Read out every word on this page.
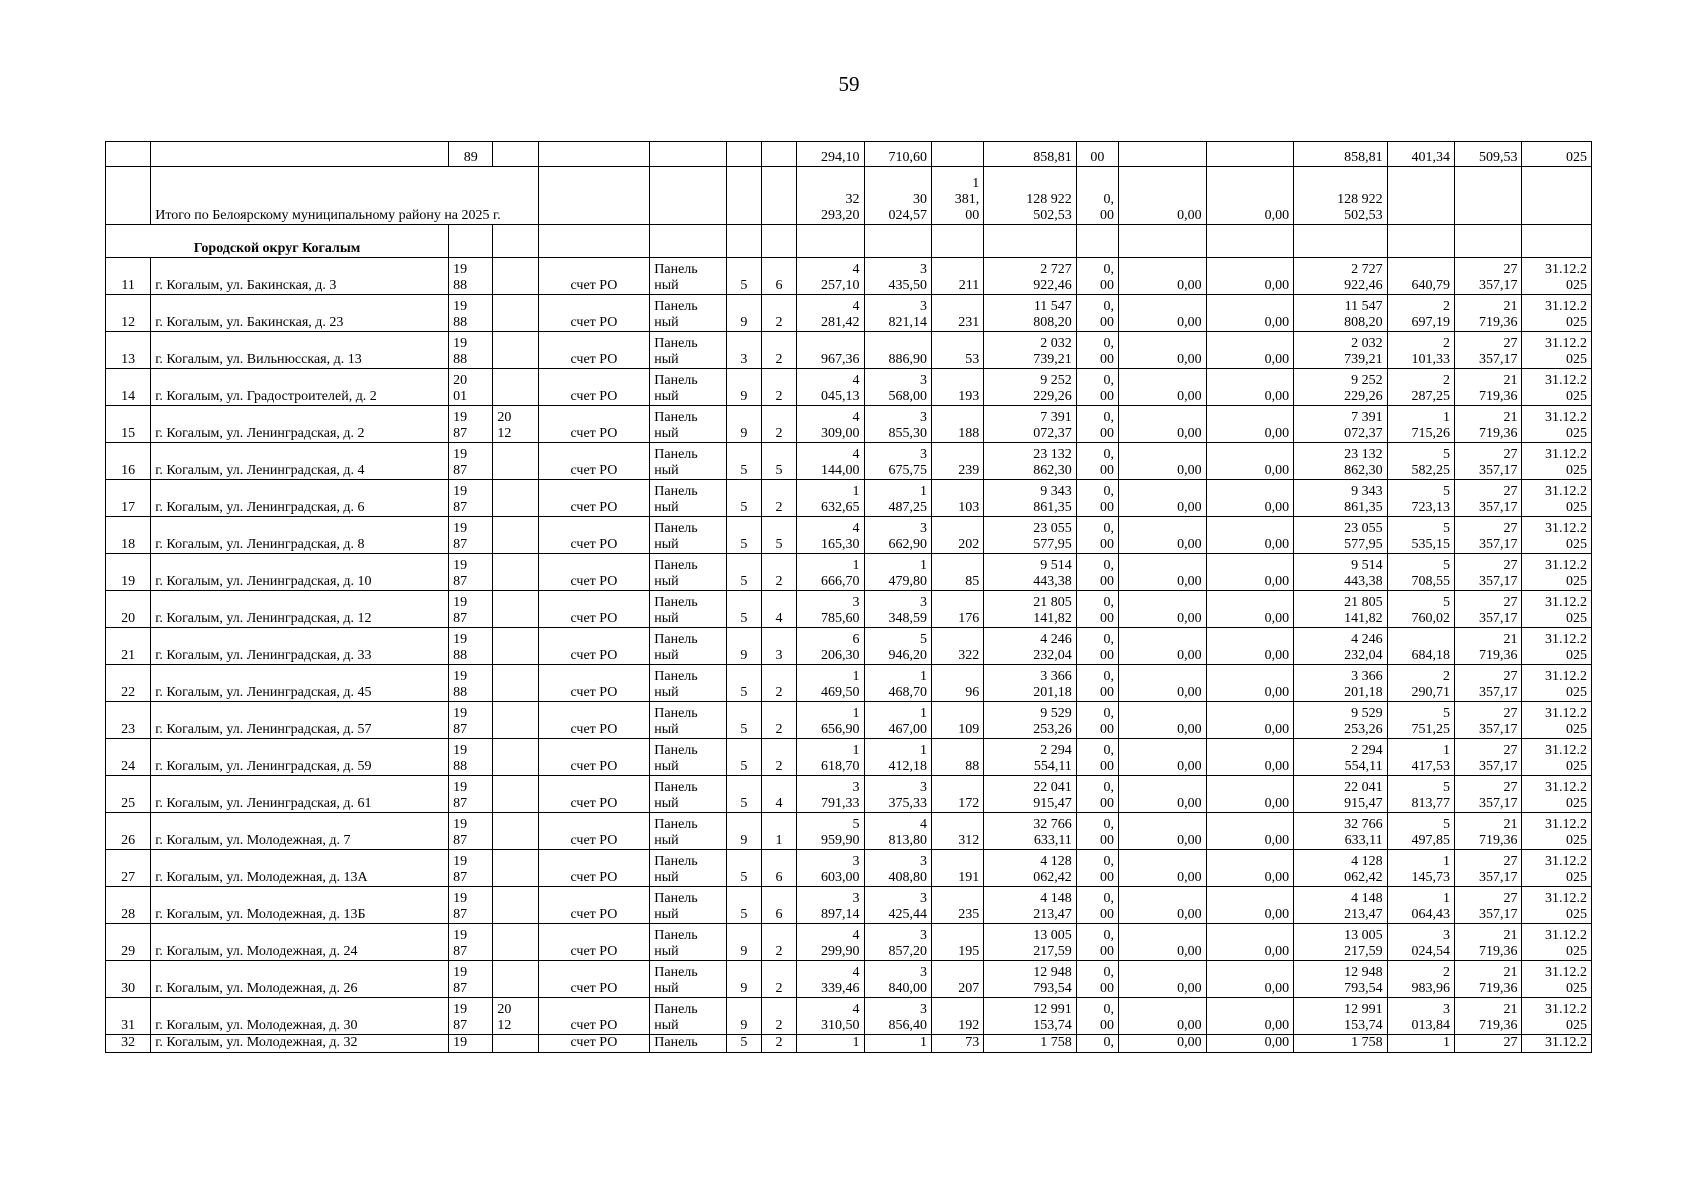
59
		89						294,10	710,60		858,81	00			858,81	401,34	509,53	025
	Итого по Белоярскому муниципальному району на 2025 г.							32
293,20	30
024,57	1
381,
00	128 922
502,53	0,
00	0,00	0,00	128 922
502,53			

Городской округ Когалым																		
11	г. Когалым, ул. Бакинская, д. 3	19
88		счет РО	Панель
ный	5	6	4
257,10	3
435,50	211	2 727
922,46	0,
00	0,00	0,00	2 727
922,46	640,79	27
357,17	31.12.2
025

12	г. Когалым, ул. Бакинская, д. 23	19
88		счет РО	Панель
ный	9	2	4
281,42	3
821,14	231	11 547
808,20	0,
00	0,00	0,00	11 547
808,20	2
697,19	21
719,36	31.12.2
025

13	г. Когалым, ул. Вильнюсская, д. 13	19
88		счет РО	Панель
ный	3	2	967,36	886,90	53	2 032
739,21	0,
00	0,00	0,00	2 032
739,21	2
101,33	27
357,17	31.12.2
025

14	г. Когалым, ул. Градостроителей, д. 2	20
01		счет РО	Панель
ный	9	2	4
045,13	3
568,00	193	9 252
229,26	0,
00	0,00	0,00	9 252
229,26	2
287,25	21
719,36	31.12.2
025

15	г. Когалым, ул. Ленинградская, д. 2	19
87	20
12	счет РО	Панель
ный	9	2	4
309,00	3
855,30	188	7 391
072,37	0,
00	0,00	0,00	7 391
072,37	1
715,26	21
719,36	31.12.2
025

16	г. Когалым, ул. Ленинградская, д. 4	19
87		счет РО	Панель
ный	5	5	4
144,00	3
675,75	239	23 132
862,30	0,
00	0,00	0,00	23 132
862,30	5
582,25	27
357,17	31.12.2
025

17	г. Когалым, ул. Ленинградская, д. 6	19
87		счет РО	Панель
ный	5	2	1
632,65	1
487,25	103	9 343
861,35	0,
00	0,00	0,00	9 343
861,35	5
723,13	27
357,17	31.12.2
025

18	г. Когалым, ул. Ленинградская, д. 8	19
87		счет РО	Панель
ный	5	5	4
165,30	3
662,90	202	23 055
577,95	0,
00	0,00	0,00	23 055
577,95	5
535,15	27
357,17	31.12.2
025

19	г. Когалым, ул. Ленинградская, д. 10	19
87		счет РО	Панель
ный	5	2	1
666,70	1
479,80	85	9 514
443,38	0,
00	0,00	0,00	9 514
443,38	5
708,55	27
357,17	31.12.2
025

20	г. Когалым, ул. Ленинградская, д. 12	19
87		счет РО	Панель
ный	5	4	3
785,60	3
348,59	176	21 805
141,82	0,
00	0,00	0,00	21 805
141,82	5
760,02	27
357,17	31.12.2
025

21	г. Когалым, ул. Ленинградская, д. 33	19
88		счет РО	Панель
ный	9	3	6
206,30	5
946,20	322	4 246
232,04	0,
00	0,00	0,00	4 246
232,04	684,18	21
719,36	31.12.2
025

22	г. Когалым, ул. Ленинградская, д. 45	19
88		счет РО	Панель
ный	5	2	1
469,50	1
468,70	96	3 366
201,18	0,
00	0,00	0,00	3 366
201,18	2
290,71	27
357,17	31.12.2
025

23	г. Когалым, ул. Ленинградская, д. 57	19
87		счет РО	Панель
ный	5	2	1
656,90	1
467,00	109	9 529
253,26	0,
00	0,00	0,00	9 529
253,26	5
751,25	27
357,17	31.12.2
025

24	г. Когалым, ул. Ленинградская, д. 59	19
88		счет РО	Панель
ный	5	2	1
618,70	1
412,18	88	2 294
554,11	0,
00	0,00	0,00	2 294
554,11	1
417,53	27
357,17	31.12.2
025

25	г. Когалым, ул. Ленинградская, д. 61	19
87		счет РО	Панель
ный	5	4	3
791,33	3
375,33	172	22 041
915,47	0,
00	0,00	0,00	22 041
915,47	5
813,77	27
357,17	31.12.2
025

26	г. Когалым, ул. Молодежная, д. 7	19
87		счет РО	Панель
ный	9	1	5
959,90	4
813,80	312	32 766
633,11	0,
00	0,00	0,00	32 766
633,11	5
497,85	21
719,36	31.12.2
025

27	г. Когалым, ул. Молодежная, д. 13А	19
87		счет РО	Панель
ный	5	6	3
603,00	3
408,80	191	4 128
062,42	0,
00	0,00	0,00	4 128
062,42	1
145,73	27
357,17	31.12.2
025

28	г. Когалым, ул. Молодежная, д. 13Б	19
87		счет РО	Панель
ный	5	6	3
897,14	3
425,44	235	4 148
213,47	0,
00	0,00	0,00	4 148
213,47	1
064,43	27
357,17	31.12.2
025

29	г. Когалым, ул. Молодежная, д. 24	19
87		счет РО	Панель
ный	9	2	4
299,90	3
857,20	195	13 005
217,59	0,
00	0,00	0,00	13 005
217,59	3
024,54	21
719,36	31.12.2
025

30	г. Когалым, ул. Молодежная, д. 26	19
87		счет РО	Панель
ный	9	2	4
339,46	3
840,00	207	12 948
793,54	0,
00	0,00	0,00	12 948
793,54	2
983,96	21
719,36	31.12.2
025

31	г. Когалым, ул. Молодежная, д. 30	19
87	20
12	счет РО	Панель
ный	9	2	4
310,50	3
856,40	192	12 991
153,74	0,
00	0,00	0,00	12 991
153,74	3
013,84	21
719,36	31.12.2
025

32	г. Когалым, ул. Молодежная, д. 32	19		счет РО	Панель	5	2	1	1	73	1 758	0,	0,00	0,00	1 758	1	27	31.12.2
